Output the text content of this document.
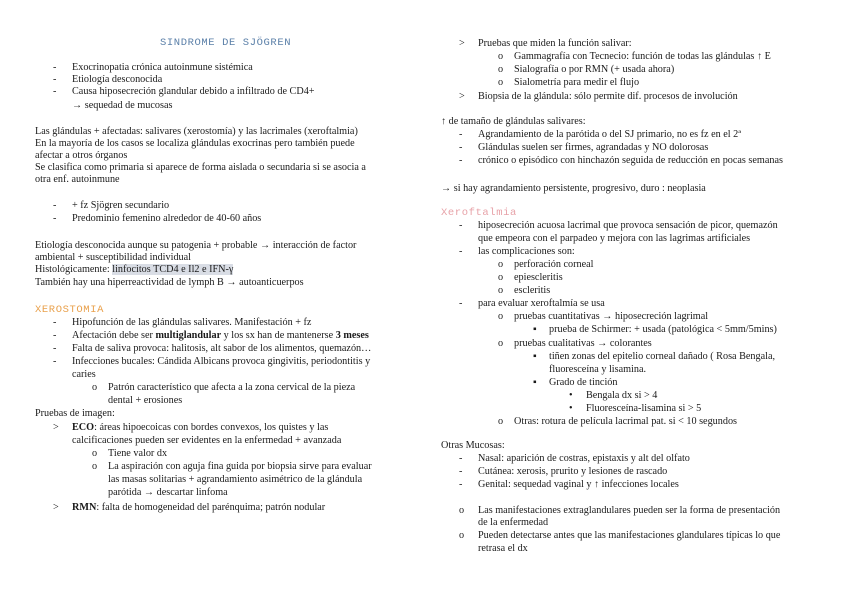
SINDROME DE SJÖGREN
- Exocrinopatia crónica autoinmune sistémica
- Etiología desconocida
- Causa hiposecreción glandular debido a infiltrado de CD4+
→ sequedad de mucosas
Las glándulas + afectadas: salivares (xerostomía) y las lacrimales (xeroftalmia)
En la mayoría de los casos se localiza glándulas exocrinas pero también puede
afectar a otros órganos
Se clasifica como primaria si aparece de forma aislada o secundaria si se asocia a
otra enf. autoinmune
- + fz Sjögren secundario
- Predominio femenino alrededor de 40-60 años
Etiología desconocida aunque su patogenia + probable → interacción de factor
ambiental + susceptibilidad individual
Histológicamente: linfocitos TCD4 e Il2 e IFN-γ
También hay una hiperreactividad de lymph B → autoanticuerpos
XEROSTOMIA
- Hipofunción de las glándulas salivares. Manifestación + fz
- Afectación debe ser multiglandular y los sx han de mantenerse 3 meses
- Falta de saliva provoca: halitosis, alt sabor de los alimentos, quemazón…
- Infecciones bucales: Cándida Albicans provoca gingivitis, periodontitis y
caries
o Patrón característico que afecta a la zona cervical de la pieza
dental + erosiones
Pruebas de imagen:
> ECO: áreas hipoecoicas con bordes convexos, los quistes y las
calcificaciones pueden ser evidentes en la enfermedad + avanzada
o Tiene valor dx
o La aspiración con aguja fina guida por biopsia sirve para evaluar
las masas solitarias + agrandamiento asimétrico de la glándula
parótida → descartar linfoma
> RMN: falta de homogeneidad del parénquima; patrón nodular
> Pruebas que miden la función salivar:
o Gammagrafía con Tecnecio: función de todas las glándulas ↑ E
o Sialografía o por RMN (+ usada ahora)
o Sialometría para medir el flujo
> Biopsia de la glándula: sólo permite dif. procesos de involución
↑ de tamaño de glándulas salivares:
- Agrandamiento de la parótida o del SJ primario, no es fz en el 2ª
- Glándulas suelen ser firmes, agrandadas y NO dolorosas
- crónico o episódico con hinchazón seguida de reducción en pocas semanas
→ si hay agrandamiento persistente, progresivo, duro : neoplasia
Xeroftalmia
- hiposecreción acuosa lacrimal que provoca sensación de picor, quemazón
que empeora con el parpadeo y mejora con las lagrimas artificiales
- las complicaciones son:
o perforación corneal
o epiescleritis
o escleritis
- para evaluar xeroftalmía se usa
o pruebas cuantitativas → hiposecreción lagrimal
▪ prueba de Schirmer: + usada (patológica < 5mm/5mins)
o pruebas cualitativas → colorantes
▪ tiñen zonas del epitelio corneal dañado ( Rosa Bengala,
fluoresceína y lisamina.
▪ Grado de tinción
• Bengala dx si > 4
• Fluoresceína-lisamina si > 5
o Otras: rotura de película lacrimal pat. si < 10 segundos
Otras Mucosas:
- Nasal: aparición de costras, epistaxis y alt del olfato
- Cutánea: xerosis, prurito y lesiones de rascado
- Genital: sequedad vaginal y ↑ infecciones locales
o Las manifestaciones extraglandulares pueden ser la forma de presentación
de la enfermedad
o Pueden detectarse antes que las manifestaciones glandulares típicas lo que
retrasa el dx
